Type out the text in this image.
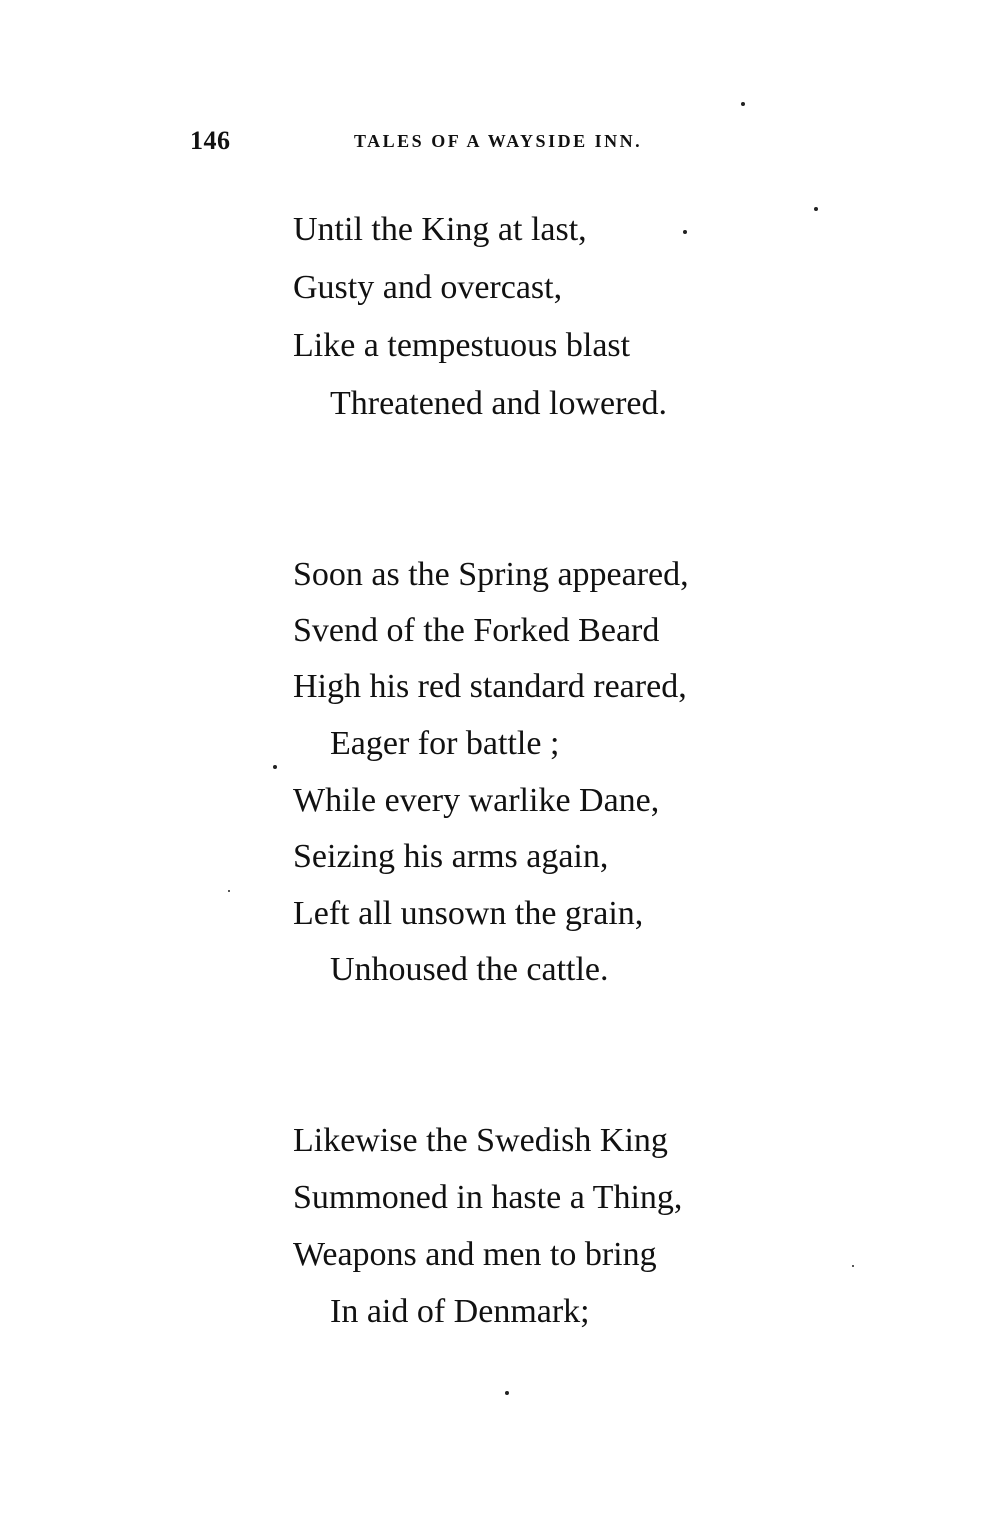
146	TALES OF A WAYSIDE INN.
Until the King at last,
Gusty and overcast,
Like a tempestuous blast
Threatened and lowered.
Soon as the Spring appeared,
Svend of the Forked Beard
High his red standard reared,
Eager for battle ;
While every warlike Dane,
Seizing his arms again,
Left all unsown the grain,
Unhoused the cattle.
Likewise the Swedish King
Summoned in haste a Thing,
Weapons and men to bring
In aid of Denmark;
